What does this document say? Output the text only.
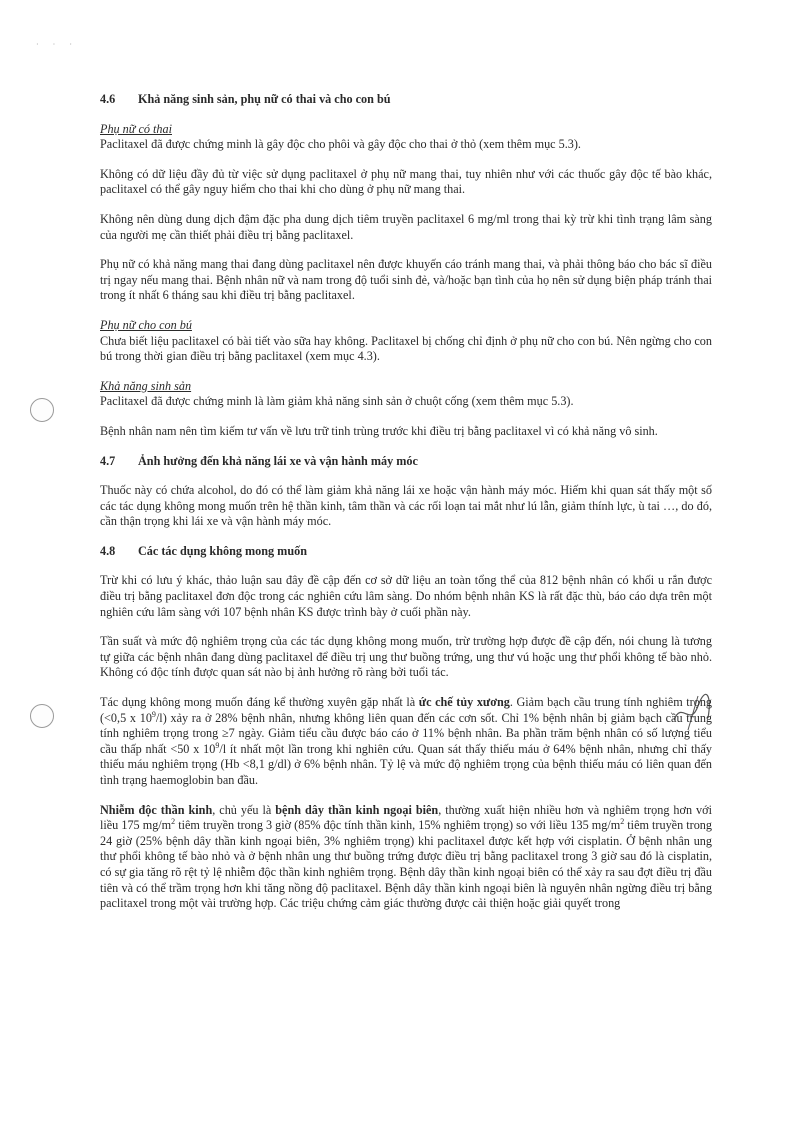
· · ·
4.6	Khả năng sinh sản, phụ nữ có thai và cho con bú
Phụ nữ có thai

Paclitaxel đã được chứng minh là gây độc cho phôi và gây độc cho thai ở thỏ (xem thêm mục 5.3).

Không có dữ liệu đầy đủ từ việc sử dụng paclitaxel ở phụ nữ mang thai, tuy nhiên như với các thuốc gây độc tế bào khác, paclitaxel có thể gây nguy hiểm cho thai khi cho dùng ở phụ nữ mang thai.

Không nên dùng dung dịch đậm đặc pha dung dịch tiêm truyền paclitaxel 6 mg/ml trong thai kỳ trừ khi tình trạng lâm sàng của người mẹ cần thiết phải điều trị bằng paclitaxel.

Phụ nữ có khả năng mang thai đang dùng paclitaxel nên được khuyến cáo tránh mang thai, và phải thông báo cho bác sĩ điều trị ngay nếu mang thai. Bệnh nhân nữ và nam trong độ tuổi sinh đẻ, và/hoặc bạn tình của họ nên sử dụng biện pháp tránh thai trong ít nhất 6 tháng sau khi điều trị bằng paclitaxel.

Phụ nữ cho con bú

Chưa biết liệu paclitaxel có bài tiết vào sữa hay không. Paclitaxel bị chống chỉ định ở phụ nữ cho con bú. Nên ngừng cho con bú trong thời gian điều trị bằng paclitaxel (xem mục 4.3).

Khả năng sinh sản

Paclitaxel đã được chứng minh là làm giảm khả năng sinh sản ở chuột cống (xem thêm mục 5.3).

Bệnh nhân nam nên tìm kiếm tư vấn về lưu trữ tinh trùng trước khi điều trị bằng paclitaxel vì có khả năng vô sinh.

4.7	Ảnh hưởng đến khả năng lái xe và vận hành máy móc

Thuốc này có chứa alcohol, do đó có thể làm giảm khả năng lái xe hoặc vận hành máy móc. Hiếm khi quan sát thấy một số các tác dụng không mong muốn trên hệ thần kinh, tâm thần và các rối loạn tai mắt như lú lẫn, giảm thính lực, ù tai …, do đó, cần thận trọng khi lái xe và vận hành máy móc.

4.8	Các tác dụng không mong muốn

Trừ khi có lưu ý khác, thảo luận sau đây đề cập đến cơ sở dữ liệu an toàn tổng thể của 812 bệnh nhân có khối u rắn được điều trị bằng paclitaxel đơn độc trong các nghiên cứu lâm sàng. Do nhóm bệnh nhân KS là rất đặc thù, báo cáo dựa trên một nghiên cứu lâm sàng với 107 bệnh nhân KS được trình bày ở cuối phần này.

Tần suất và mức độ nghiêm trọng của các tác dụng không mong muốn, trừ trường hợp được đề cập đến, nói chung là tương tự giữa các bệnh nhân đang dùng paclitaxel để điều trị ung thư buồng trứng, ung thư vú hoặc ung thư phổi không tế bào nhỏ. Không có độc tính được quan sát nào bị ảnh hưởng rõ ràng bởi tuổi tác.

Tác dụng không mong muốn đáng kể thường xuyên gặp nhất là ức chế tủy xương. Giảm bạch cầu trung tính nghiêm trọng (<0,5 x $10^9/l$) xảy ra ở 28% bệnh nhân, nhưng không liên quan đến các cơn sốt. Chỉ 1% bệnh nhân bị giảm bạch cầu trung tính nghiêm trọng trong ≥7 ngày. Giảm tiểu cầu được báo cáo ở 11% bệnh nhân. Ba phần trăm bệnh nhân có số lượng tiểu cầu thấp nhất <50 x $10^9/l$ ít nhất một lần trong khi nghiên cứu. Quan sát thấy thiếu máu ở 64% bệnh nhân, nhưng chỉ thấy thiếu máu nghiêm trọng (Hb <8,1 g/dl) ở 6% bệnh nhân. Tỷ lệ và mức độ nghiêm trọng của bệnh thiếu máu có liên quan đến tình trạng haemoglobin ban đầu.

Nhiễm độc thần kinh, chủ yếu là bệnh dây thần kinh ngoại biên, thường xuất hiện nhiều hơn và nghiêm trọng hơn với liều 175 $mg/m^2$ tiêm truyền trong 3 giờ (85% độc tính thần kinh, 15% nghiêm trọng) so với liều 135 $mg/m^2$ tiêm truyền trong 24 giờ (25% bệnh dây thần kinh ngoại biên, 3% nghiêm trọng) khi paclitaxel được kết hợp với cisplatin. Ở bệnh nhân ung thư phổi không tế bào nhỏ và ở bệnh nhân ung thư buồng trứng được điều trị bằng paclitaxel trong 3 giờ sau đó là cisplatin, có sự gia tăng rõ rệt tỷ lệ nhiễm độc thần kinh nghiêm trọng. Bệnh dây thần kinh ngoại biên có thể xảy ra sau đợt điều trị đầu tiên và có thể trầm trọng hơn khi tăng nồng độ paclitaxel. Bệnh dây thần kinh ngoại biên là nguyên nhân ngừng điều trị bằng paclitaxel trong một vài trường hợp. Các triệu chứng cảm giác thường được cải thiện hoặc giải quyết trong
